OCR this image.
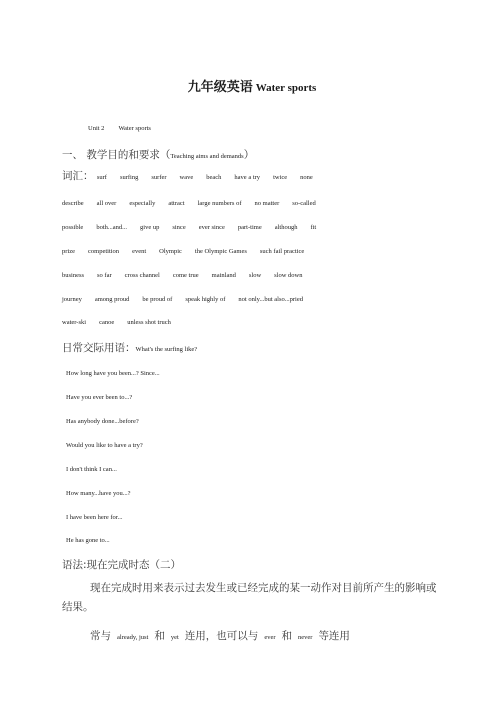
九年级英语 Water sports
Unit 2 Water sports
一、 教学目的和要求（Teaching aims and demands）
词汇： surf surfing surfer wave beach have a try twice none
describe all over especially attract large numbers of no matter so-called
possible both...and... give up since ever since part-time although fit
prize competition event Olympic the Olympic Games such fail practice
business so far cross channel come true mainland slow slow down
journey among proud be proud of speak highly of not only...but also...pried
water-ski canoe unless shot truch
日常交际用语：What's the surfing like?
How long have you been...? Since...
Have you ever been to...?
Has anybody done...before?
Would you like to have a try?
I don't think I can...
How many...have you...?
I have been here for...
He has gone to...
语法:现在完成时态（二）
现在完成时用来表示过去发生或已经完成的某一动作对目前所产生的影响或结果。
常与 already, just 和 yet 连用，也可以与 ever 和 never 等连用
